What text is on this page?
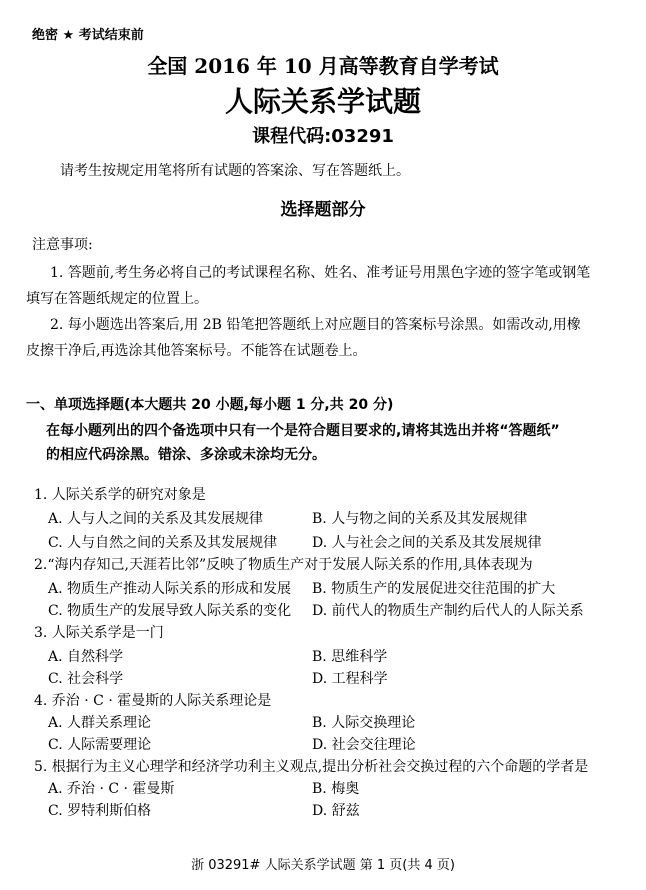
绝密 ★ 考试结束前
全国 2016 年 10 月高等教育自学考试
人际关系学试题
课程代码:03291
请考生按规定用笔将所有试题的答案涂、写在答题纸上。
选择题部分
注意事项:
1. 答题前,考生务必将自己的考试课程名称、姓名、准考证号用黑色字迹的签字笔或钢笔
填写在答题纸规定的位置上。
2. 每小题选出答案后,用 2B 铅笔把答题纸上对应题目的答案标号涂黑。如需改动,用橡
皮擦干净后,再选涂其他答案标号。不能答在试题卷上。
一、单项选择题(本大题共 20 小题,每小题 1 分,共 20 分)
在每小题列出的四个备选项中只有一个是符合题目要求的,请将其选出并将“答题纸”
的相应代码涂黑。错涂、多涂或未涂均无分。
1. 人际关系学的研究对象是
A. 人与人之间的关系及其发展规律	B. 人与物之间的关系及其发展规律
C. 人与自然之间的关系及其发展规律 D. 人与社会之间的关系及其发展规律
2.“海内存知己,天涯若比邻”反映了物质生产对于发展人际关系的作用,具体表现为
A. 物质生产推动人际关系的形成和发展 B. 物质生产的发展促进交往范围的扩大
C. 物质生产的发展导致人际关系的变化 D. 前代人的物质生产制约后代人的人际关系
3. 人际关系学是一门
A. 自然科学	B. 思维科学
C. 社会科学	D. 工程科学
4. 乔治 · C · 霍曼斯的人际关系理论是
A. 人群关系理论	B. 人际交换理论
C. 人际需要理论	D. 社会交往理论
5. 根据行为主义心理学和经济学功利主义观点,提出分析社会交换过程的六个命题的学者是
A. 乔治 · C · 霍曼斯	B. 梅奥
C. 罗特利斯伯格	D. 舒兹
浙 03291# 人际关系学试题 第 1 页(共 4 页)
